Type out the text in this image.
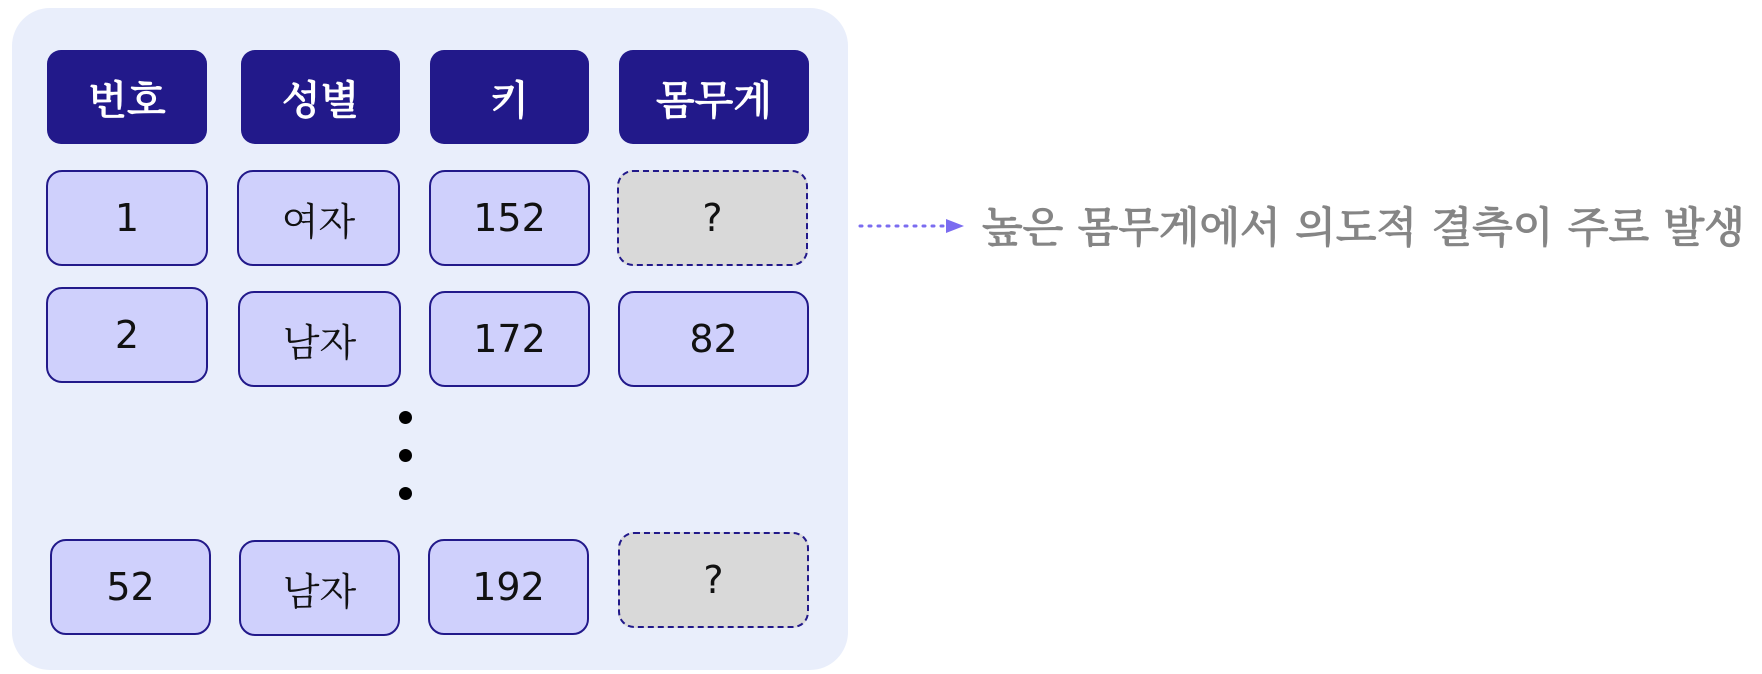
번호	성별	키	몸무게
1	여자	152	?
2	남자	172	82
52	남자	192	?
높은 몸무게에서 의도적 결측이 주로 발생
